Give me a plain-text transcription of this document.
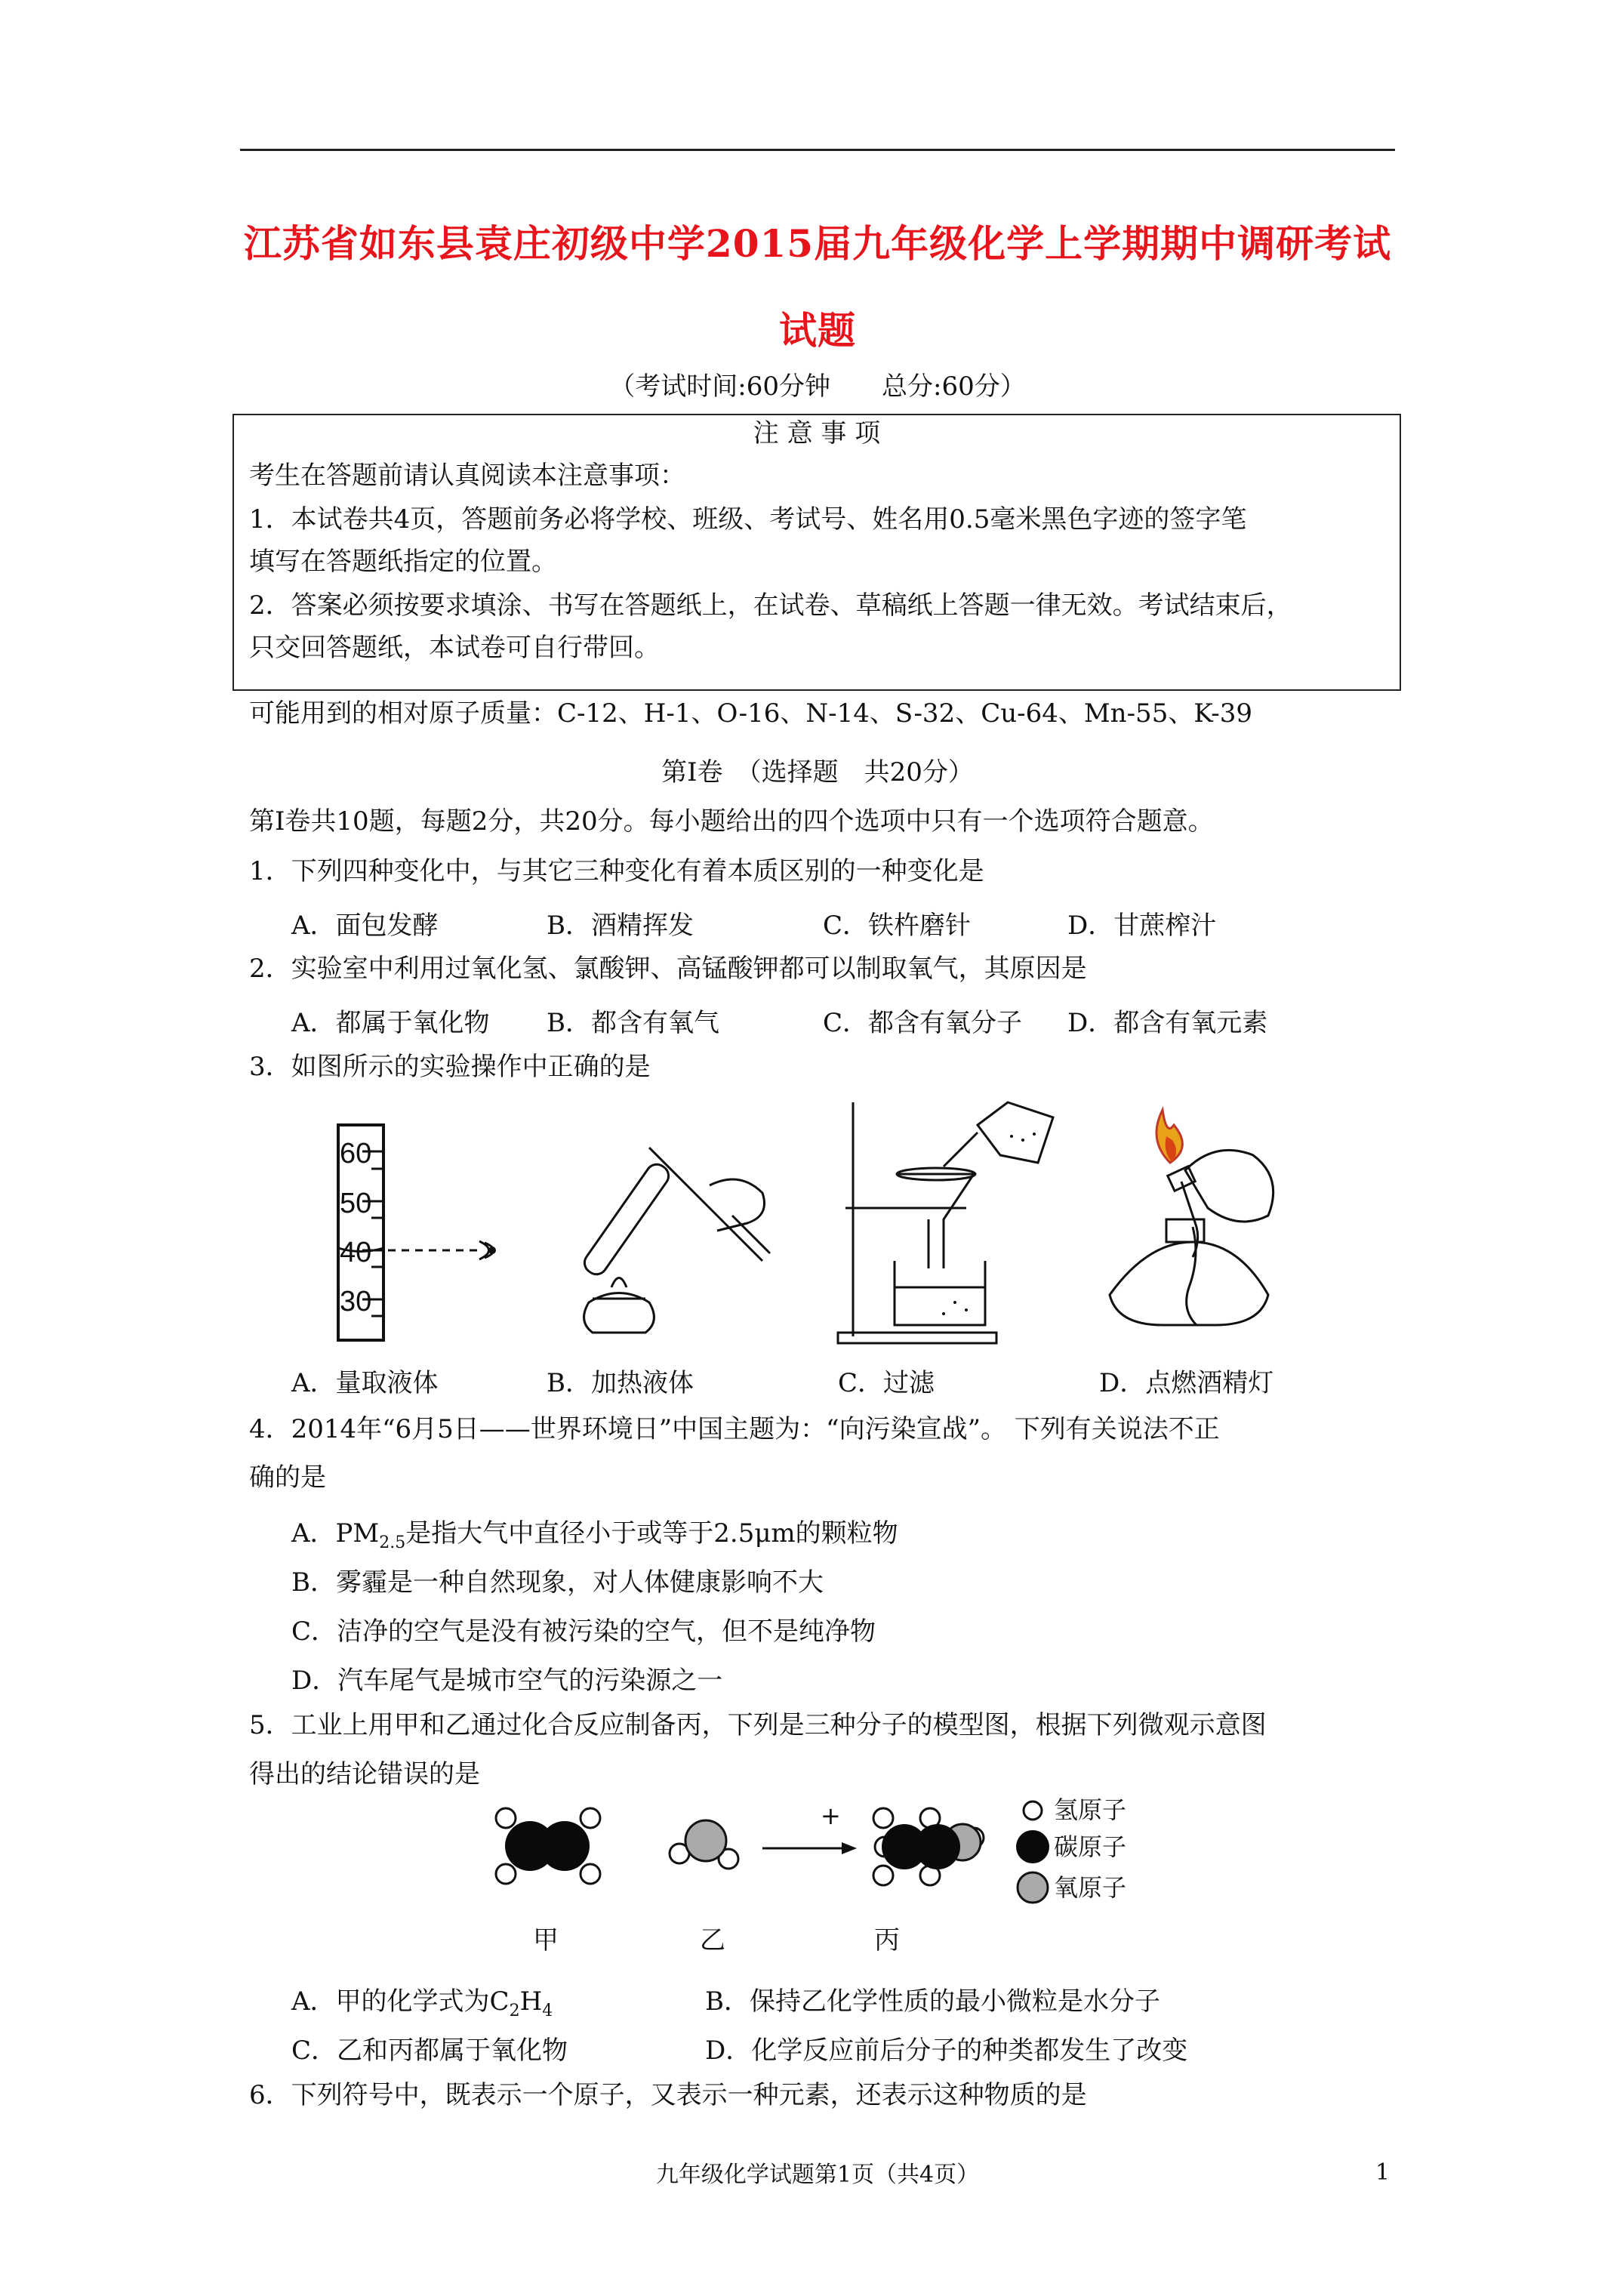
江苏省如东县袁庄初级中学2015届九年级化学上学期期中调研考试
试题
（考试时间:60分钟　　总分:60分）
注 意 事 项
考生在答题前请认真阅读本注意事项：
1．本试卷共4页，答题前务必将学校、班级、考试号、姓名用0.5毫米黑色字迹的签字笔
填写在答题纸指定的位置。
2．答案必须按要求填涂、书写在答题纸上，在试卷、草稿纸上答题一律无效。考试结束后，
只交回答题纸，本试卷可自行带回。
可能用到的相对原子质量：C-12、H-1、O-16、N-14、S-32、Cu-64、Mn-55、K-39
第Ⅰ卷　（选择题　共20分）
第Ⅰ卷共10题，每题2分，共20分。每小题给出的四个选项中只有一个选项符合题意。
1．下列四种变化中，与其它三种变化有着本质区别的一种变化是
A．面包发酵	B．酒精挥发	C．铁杵磨针	D．甘蔗榨汁
2．实验室中利用过氧化氢、氯酸钾、高锰酸钾都可以制取氧气，其原因是
A．都属于氧化物 B．都含有氧气	C．都含有氧分子 D．都含有氧元素
3．如图所示的实验操作中正确的是
60
50
40
30
A．量取液体	B．加热液体	C．过滤	D．点燃酒精灯
4．2014年“6月5日——世界环境日”中国主题为：“向污染宣战”。 下列有关说法不正
确的是
A．$PM_{2.5}$是指大气中直径小于或等于2.5μm的颗粒物
B．雾霾是一种自然现象，对人体健康影响不大
C．洁净的空气是没有被污染的空气，但不是纯净物
D．汽车尾气是城市空气的污染源之一
5．工业上用甲和乙通过化合反应制备丙，下列是三种分子的模型图，根据下列微观示意图
得出的结论错误的是
+	氢原子
碳原子
氧原子
甲	乙	丙
A．甲的化学式为$C_2H_4$	B．保持乙化学性质的最小微粒是水分子
C．乙和丙都属于氧化物	D．化学反应前后分子的种类都发生了改变
6．下列符号中，既表示一个原子，又表示一种元素，还表示这种物质的是
九年级化学试题第1页（共4页）	1
